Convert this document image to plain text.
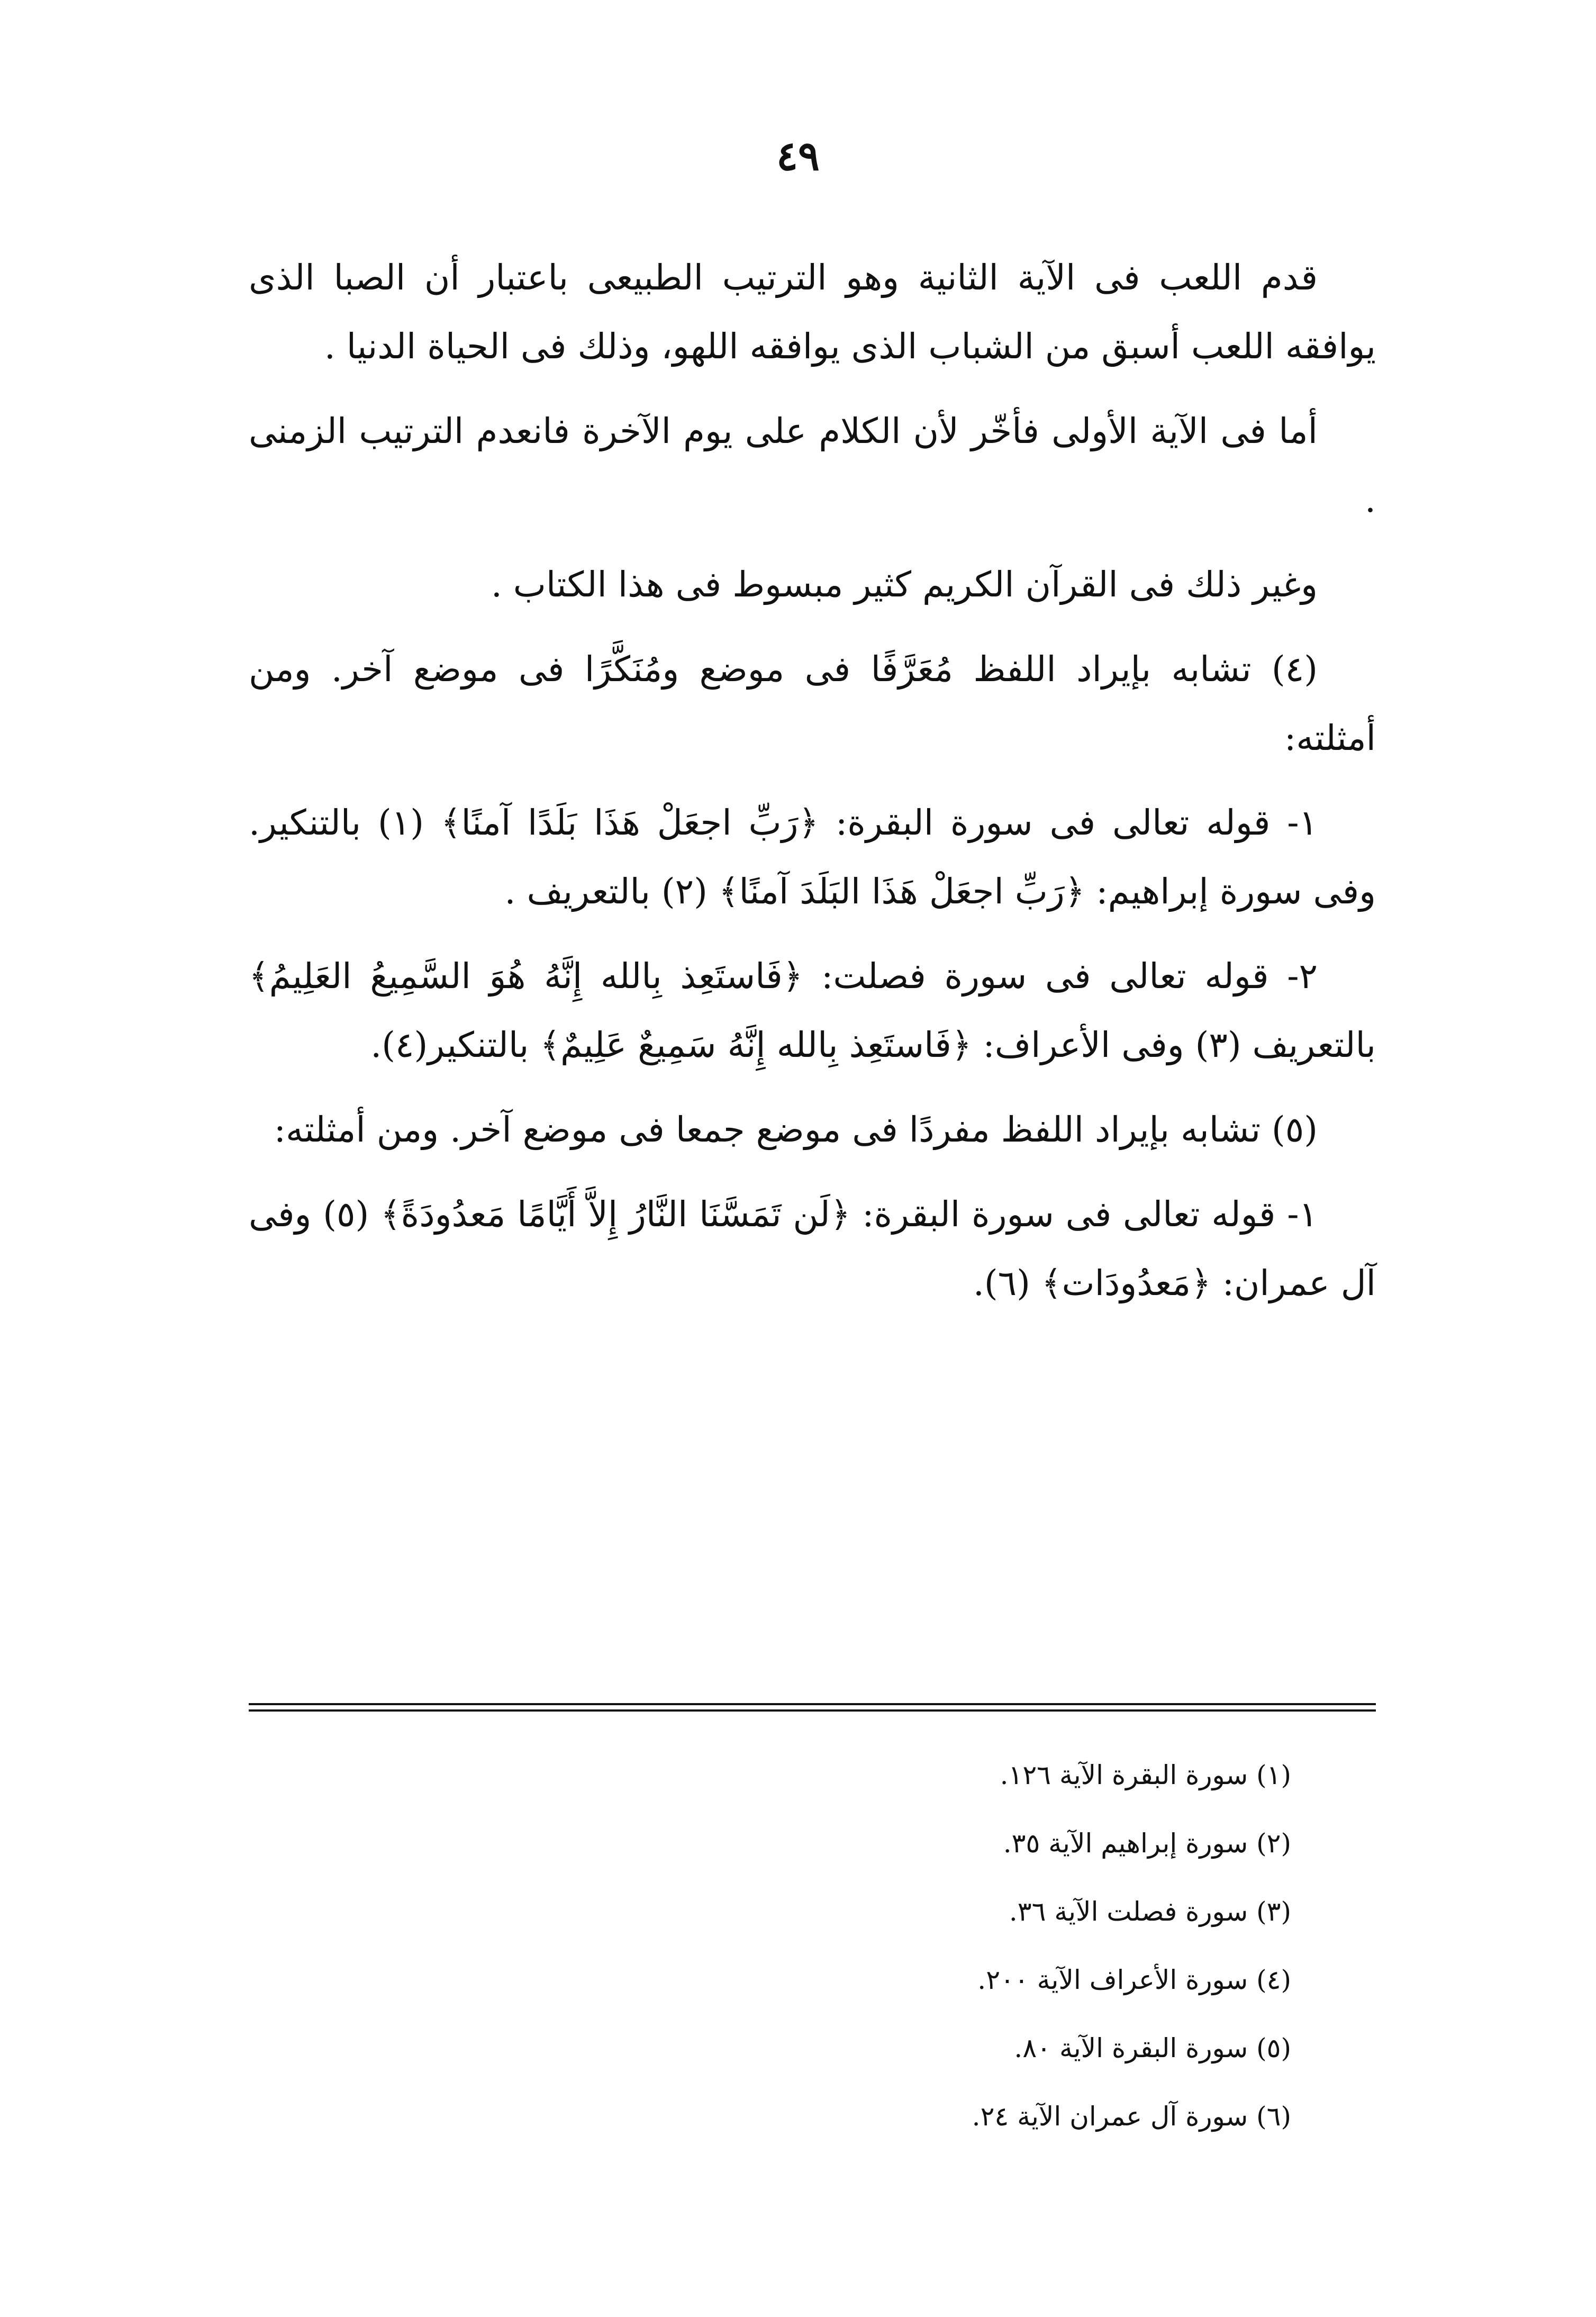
٤٩

قدم اللعب فى الآية الثانية وهو الترتيب الطبيعى باعتبار أن الصبا الذى يوافقه اللعب أسبق من الشباب الذى يوافقه اللهو، وذلك فى الحياة الدنيا .

أما فى الآية الأولى فأخّر لأن الكلام على يوم الآخرة فانعدم الترتيب الزمنى .

وغير ذلك فى القرآن الكريم كثير مبسوط فى هذا الكتاب .

(٤) تشابه بإيراد اللفظ مُعَرَّفًا فى موضع ومُنَكَّرًا فى موضع آخر. ومن أمثلته:

١- قوله تعالى فى سورة البقرة: ﴿رَبِّ اجعَلْ هَذَا بَلَدًا آمنًا﴾ (١) بالتنكير. وفى سورة إبراهيم: ﴿رَبِّ اجعَلْ هَذَا البَلَدَ آمنًا﴾ (٢) بالتعريف .

٢- قوله تعالى فى سورة فصلت: ﴿فَاستَعِذ بِالله إِنَّهُ هُوَ السَّمِيعُ العَلِيمُ﴾ بالتعريف (٣) وفى الأعراف: ﴿فَاستَعِذ بِالله إِنَّهُ سَمِيعٌ عَلِيمٌ﴾ بالتنكير(٤).

(٥) تشابه بإيراد اللفظ مفردًا فى موضع جمعا فى موضع آخر. ومن أمثلته:

١- قوله تعالى فى سورة البقرة: ﴿لَن تَمَسَّنَا النَّارُ إِلاَّ أَيَّامًا مَعدُودَةً﴾ (٥) وفى آل عمران: ﴿مَعدُودَات﴾ (٦).

(١) سورة البقرة الآية ١٢٦.

(٢) سورة إبراهيم الآية ٣٥.

(٣) سورة فصلت الآية ٣٦.

(٤) سورة الأعراف الآية ٢٠٠.

(٥) سورة البقرة الآية ٨٠.

(٦) سورة آل عمران الآية ٢٤.
